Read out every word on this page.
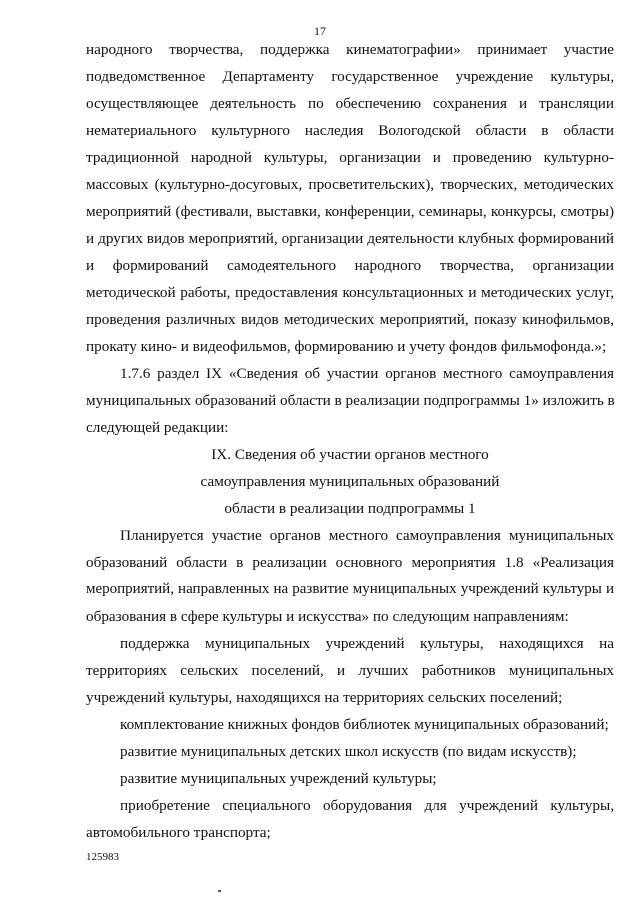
17
народного творчества, поддержка кинематографии» принимает участие
подведомственное Департаменту государственное учреждение культуры,
осуществляющее деятельность по обеспечению сохранения и трансляции
нематериального культурного наследия Вологодской области в области
традиционной народной культуры, организации и проведению культурно-
массовых (культурно-досуговых, просветительских), творческих, методических
мероприятий (фестивали, выставки, конференции, семинары, конкурсы, смотры)
и других видов мероприятий, организации деятельности клубных формирований
и формирований самодеятельного народного творчества, организации
методической работы, предоставления консультационных и методических услуг,
проведения различных видов методических мероприятий, показу кинофильмов,
прокату кино- и видеофильмов, формированию и учету фондов фильмофонда.»;
1.7.6 раздел IX «Сведения об участии органов местного самоуправления
муниципальных образований области в реализации подпрограммы 1» изложить в
следующей редакции:
IX. Сведения об участии органов местного
самоуправления муниципальных образований
области в реализации подпрограммы 1
Планируется участие органов местного самоуправления муниципальных
образований области в реализации основного мероприятия 1.8 «Реализация
мероприятий, направленных на развитие муниципальных учреждений культуры и
образования в сфере культуры и искусства» по следующим направлениям:
поддержка муниципальных учреждений культуры, находящихся на
территориях сельских поселений, и лучших работников муниципальных
учреждений культуры, находящихся на территориях сельских поселений;
комплектование книжных фондов библиотек муниципальных образований;
развитие муниципальных детских школ искусств (по видам искусств);
развитие муниципальных учреждений культуры;
приобретение специального оборудования для учреждений культуры,
автомобильного транспорта;
125983
